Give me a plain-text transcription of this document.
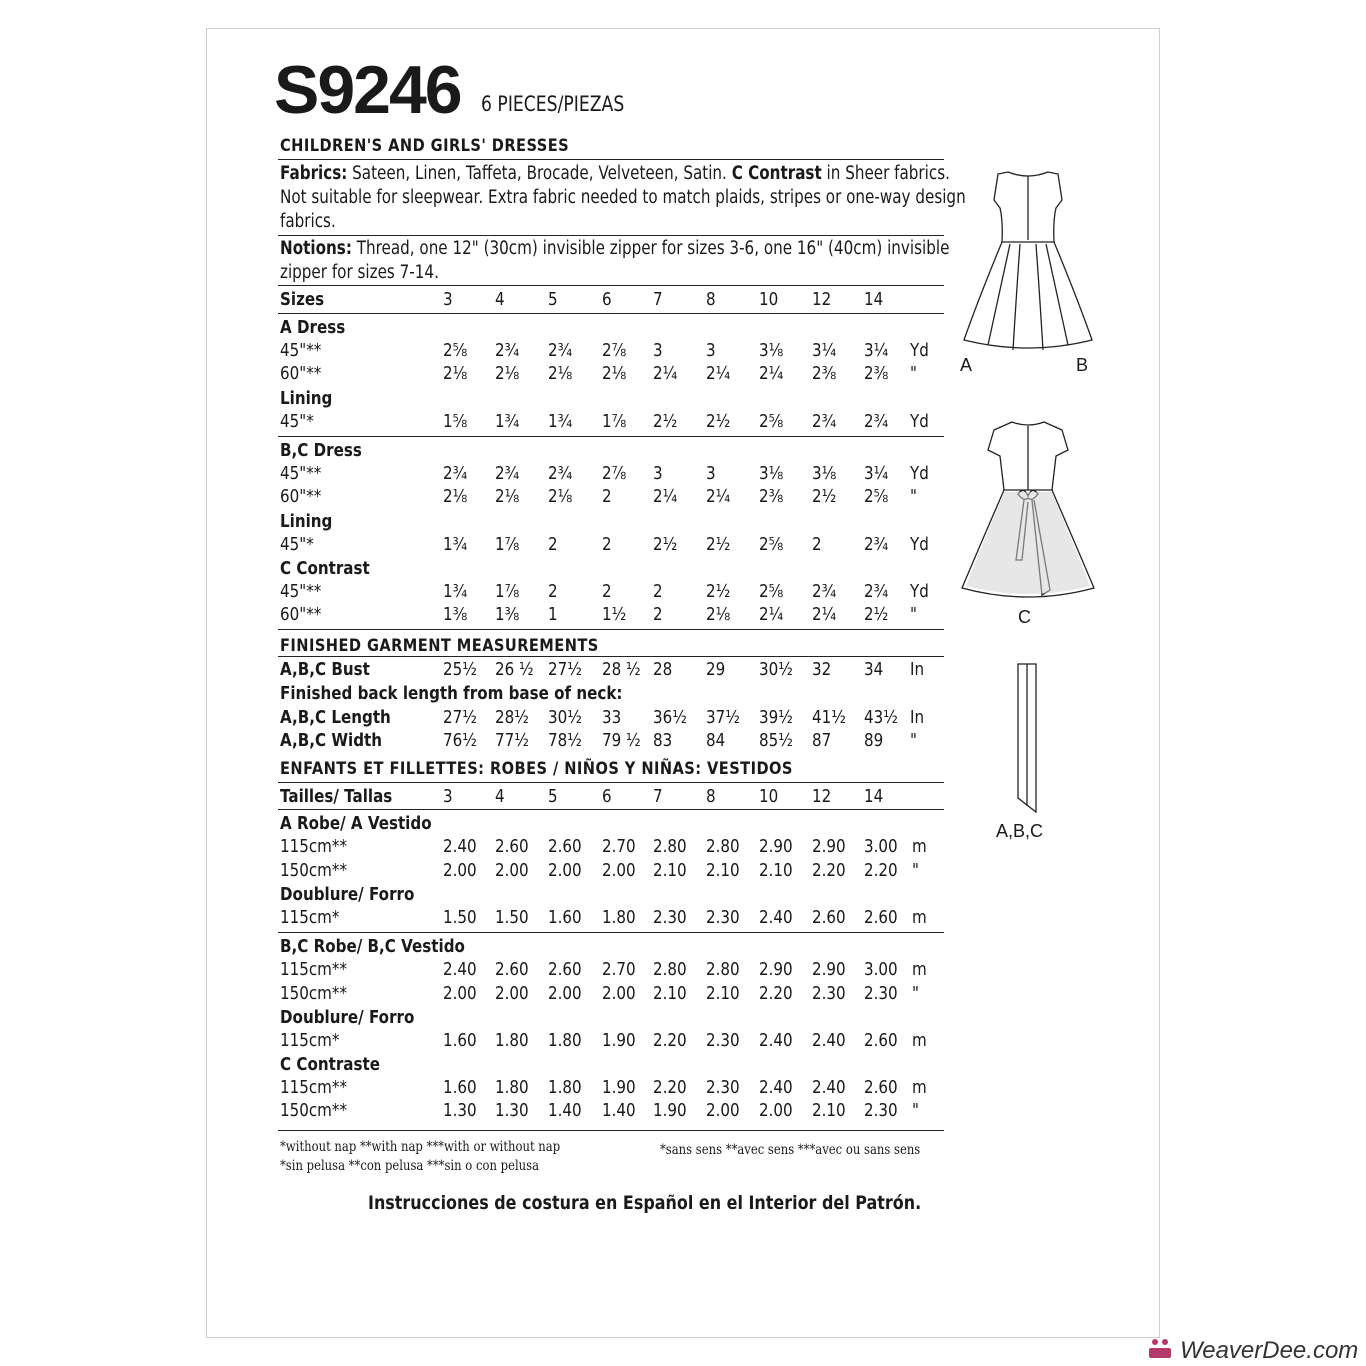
S9246 6 PIECES/PIEZAS
CHILDREN'S AND GIRLS' DRESSES
Fabrics: Sateen, Linen, Taffeta, Brocade, Velveteen, Satin. C Contrast in Sheer fabrics.
Not suitable for sleepwear. Extra fabric needed to match plaids, stripes or one-way design
fabrics.
Notions: Thread, one 12" (30cm) invisible zipper for sizes 3-6, one 16" (40cm) invisible
zipper for sizes 7-14.
Sizes	3 4 5 6 7 8 10 12 14
A Dress
45"**	2⅝ 2¾ 2¾ 2⅞ 3 3 3⅛ 3¼ 3¼ Yd
60"**	2⅛ 2⅛ 2⅛ 2⅛ 2¼ 2¼ 2¼ 2⅜ 2⅜ "
Lining
45"*	1⅝ 1¾ 1¾ 1⅞ 2½ 2½ 2⅝ 2¾ 2¾ Yd
B,C Dress
45"**	2¾ 2¾ 2¾ 2⅞ 3 3 3⅛ 3⅛ 3¼ Yd
60"**	2⅛ 2⅛ 2⅛ 2 2¼ 2¼ 2⅜ 2½ 2⅝ "
Lining
45"*	1¾ 1⅞ 2 2 2½ 2½ 2⅝ 2 2¾ Yd
C Contrast
45"**	1¾ 1⅞ 2 2 2 2½ 2⅝ 2¾ 2¾ Yd
60"**	1⅜ 1⅜ 1 1½ 2 2⅛ 2¼ 2¼ 2½ "
A,B,C Bust	25½ 26 ½ 27½ 28 ½ 28 29 30½ 32 34 In
A,B,C Length	27½ 28½ 30½ 33 36½ 37½ 39½ 41½ 43½ In
A,B,C Width	76½ 77½ 78½ 79 ½ 83 84 85½ 87 89 "
Tailles/ Tallas	3 4 5 6 7 8 10 12 14
A Robe/ A Vestido
115cm**	2.40 2.60 2.60 2.70 2.80 2.80 2.90 2.90 3.00 m
150cm**	2.00 2.00 2.00 2.00 2.10 2.10 2.10 2.20 2.20 "
Doublure/ Forro
115cm*	1.50 1.50 1.60 1.80 2.30 2.30 2.40 2.60 2.60 m
B,C Robe/ B,C Vestido
115cm**	2.40 2.60 2.60 2.70 2.80 2.80 2.90 2.90 3.00 m
150cm**	2.00 2.00 2.00 2.00 2.10 2.10 2.20 2.30 2.30 "
Doublure/ Forro
115cm*	1.60 1.80 1.80 1.90 2.20 2.30 2.40 2.40 2.60 m
C Contraste
115cm**	1.60 1.80 1.80 1.90 2.20 2.30 2.40 2.40 2.60 m
150cm**	1.30 1.30 1.40 1.40 1.90 2.00 2.00 2.10 2.30 "
FINISHED GARMENT MEASUREMENTS
Finished back length from base of neck:
ENFANTS ET FILLETTES: ROBES / NIÑOS Y NIÑAS: VESTIDOS
*without nap **with nap ***with or without nap
*sin pelusa **con pelusa ***sin o con pelusa
*sans sens **avec sens ***avec ou sans sens
Instrucciones de costura en Español en el Interior del Patrón.
A	B
C
A,B,C
WeaverDee.com
